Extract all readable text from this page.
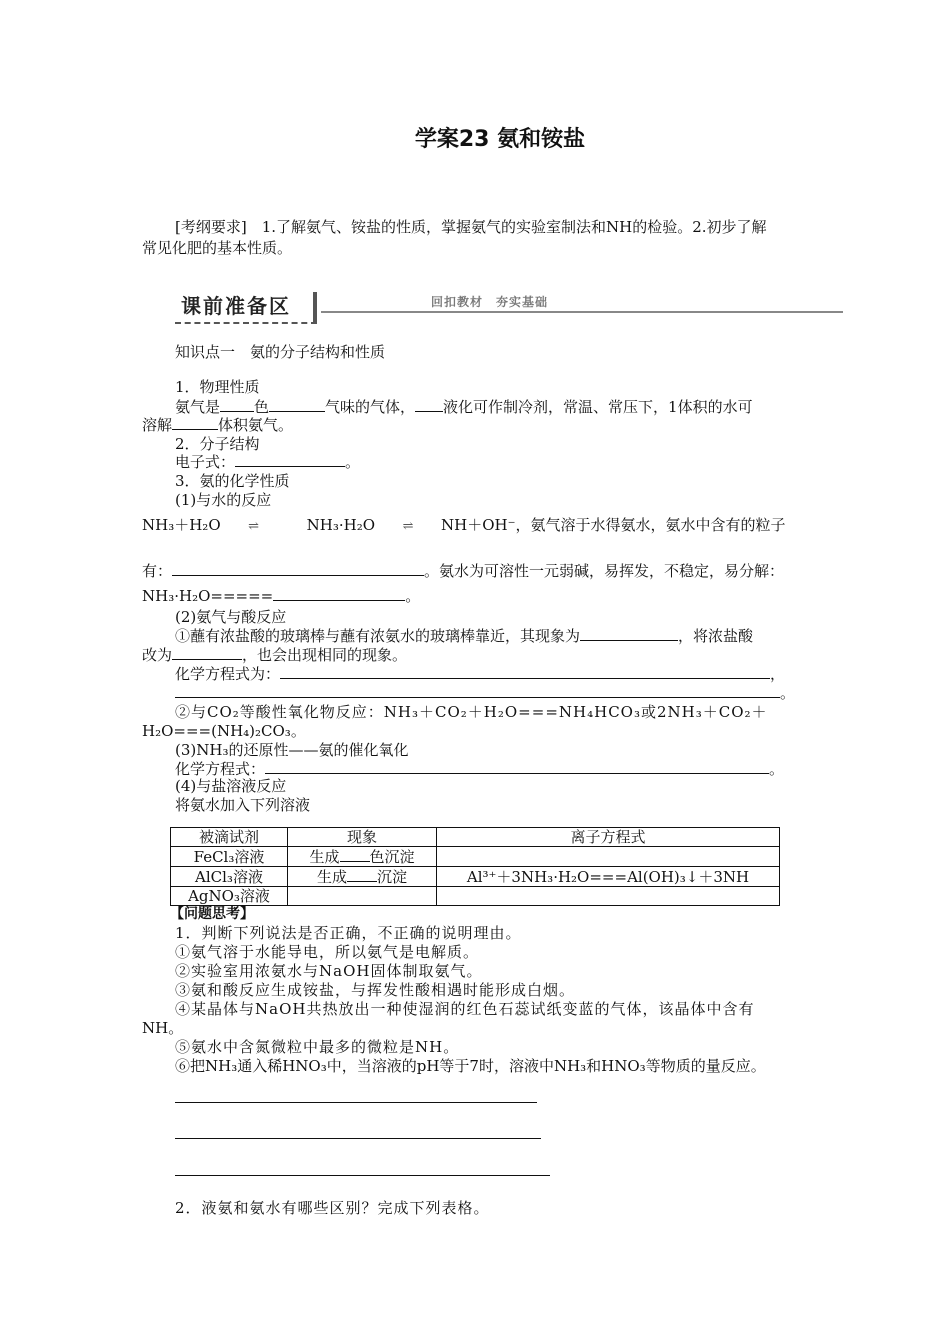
学案23 氨和铵盐
[考纲要求]　1.了解氨气、铵盐的性质，掌握氨气的实验室制法和NH的检验。2.初步了解
常见化肥的基本性质。
课前准备区	回扣教材　夯实基础
知识点一　氨的分子结构和性质
1．物理性质
氨气是 色	气味的气体， 液化可作制冷剂，常温、常压下，1体积的水可
溶解	体积氨气。
2．分子结构
电子式：	。
3．氨的化学性质
(1)与水的反应
NH₃＋H₂O ⇌	NH₃·H₂O ⇌ NH＋OH⁻，氨气溶于水得氨水，氨水中含有的粒子
有：	。氨水为可溶性一元弱碱，易挥发，不稳定，易分解：
NH₃·H₂O=====	。
(2)氨气与酸反应
①蘸有浓盐酸的玻璃棒与蘸有浓氨水的玻璃棒靠近，其现象为	，将浓盐酸
改为	，也会出现相同的现象。
化学方程式为：	，
。
②与CO₂等酸性氧化物反应：NH₃＋CO₂＋H₂O===NH₄HCO₃或2NH₃＋CO₂＋
H₂O===(NH₄)₂CO₃。
(3)NH₃的还原性——氨的催化氧化
化学方程式：	。
(4)与盐溶液反应
将氨水加入下列溶液
被滴试剂	现象	离子方程式
FeCl₃溶液	生成 色沉淀	
AlCl₃溶液	生成 沉淀	Al³⁺＋3NH₃·H₂O===Al(OH)₃↓＋3NH
AgNO₃溶液		
【问题思考】
1．判断下列说法是否正确，不正确的说明理由。
①氨气溶于水能导电，所以氨气是电解质。
②实验室用浓氨水与NaOH固体制取氨气。
③氨和酸反应生成铵盐，与挥发性酸相遇时能形成白烟。
④某晶体与NaOH共热放出一种使湿润的红色石蕊试纸变蓝的气体，该晶体中含有
NH。
⑤氨水中含氮微粒中最多的微粒是NH。
⑥把NH₃通入稀HNO₃中，当溶液的pH等于7时，溶液中NH₃和HNO₃等物质的量反应。
2．液氨和氨水有哪些区别？完成下列表格。
